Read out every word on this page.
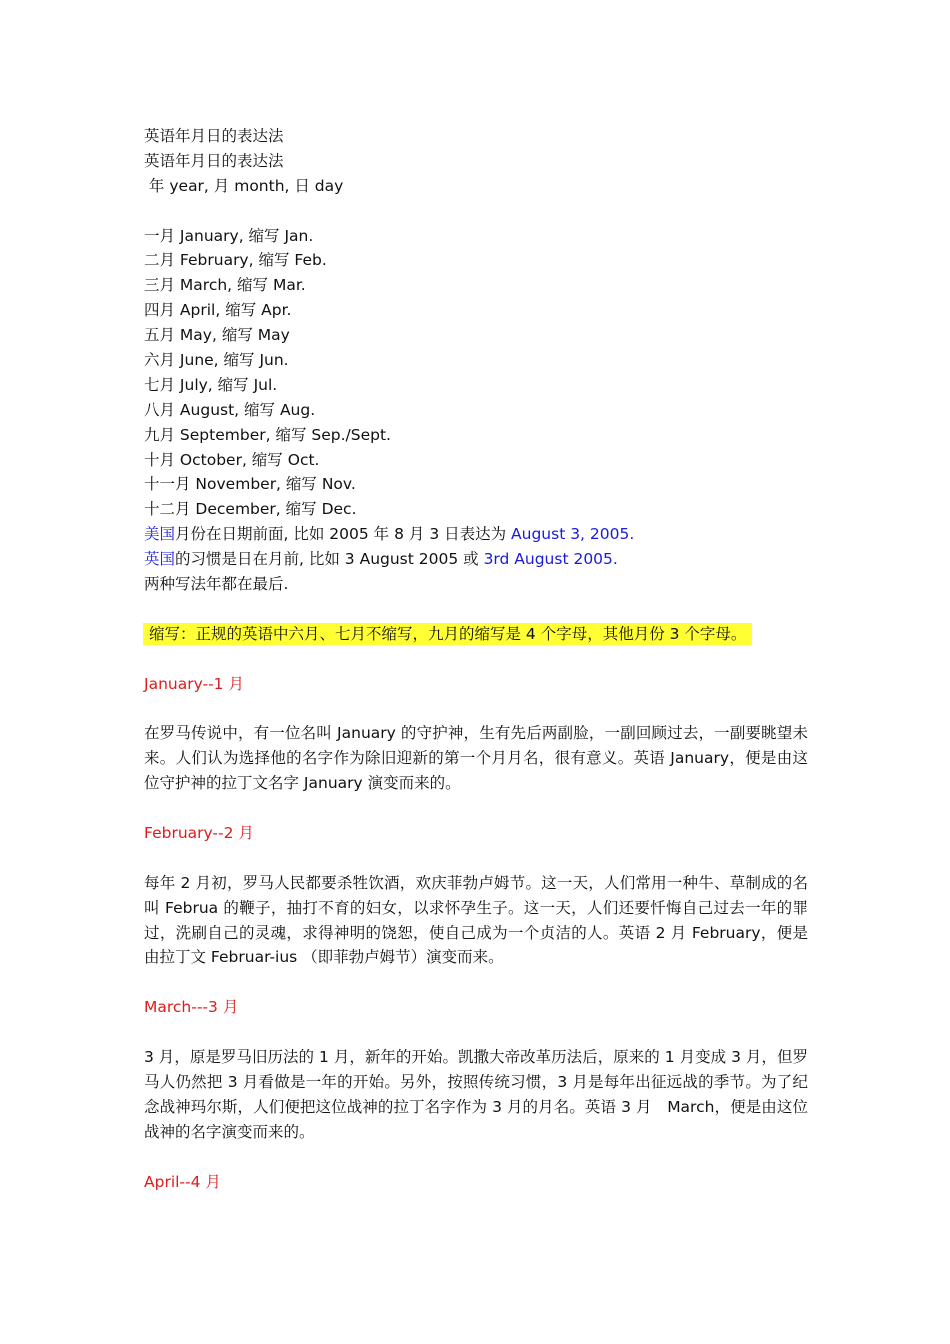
英语年月日的表达法
英语年月日的表达法
年 year, 月 month, 日 day
一月 January, 缩写 Jan.
二月 February, 缩写 Feb.
三月 March, 缩写 Mar.
四月 April, 缩写 Apr.
五月 May, 缩写 May
六月 June, 缩写 Jun.
七月 July, 缩写 Jul.
八月 August, 缩写 Aug.
九月 September, 缩写 Sep./Sept.
十月 October, 缩写 Oct.
十一月 November, 缩写 Nov.
十二月 December, 缩写 Dec.
美国月份在日期前面, 比如 2005 年 8 月 3 日表达为 August 3, 2005.
英国的习惯是日在月前, 比如 3 August 2005 或 3rd August 2005.
两种写法年都在最后.
缩写：正规的英语中六月、七月不缩写，九月的缩写是 4 个字母，其他月份 3 个字母。
January--1 月

在罗马传说中，有一位名叫 January 的守护神，生有先后两副脸，一副回顾过去，一副要眺望未来。人们认为选择他的名字作为除旧迎新的第一个月月名，很有意义。英语 January，便是由这位守护神的拉丁文名字 January 演变而来的。

February--2 月

每年 2 月初，罗马人民都要杀牲饮酒，欢庆菲勃卢姆节。这一天，人们常用一种牛、草制成的名叫 Februa 的鞭子，抽打不育的妇女，以求怀孕生子。这一天，人们还要忏悔自己过去一年的罪过，洗刷自己的灵魂，求得神明的饶恕，使自己成为一个贞洁的人。英语 2 月 February，便是由拉丁文 Februar-ius （即菲勃卢姆节）演变而来。

March---3 月

3 月，原是罗马旧历法的 1 月，新年的开始。凯撒大帝改革历法后，原来的 1 月变成 3 月，但罗马人仍然把 3 月看做是一年的开始。另外，按照传统习惯，3 月是每年出征远战的季节。为了纪念战神玛尔斯，人们便把这位战神的拉丁名字作为 3 月的月名。英语 3 月　March，便是由这位战神的名字演变而来的。

April--4 月
